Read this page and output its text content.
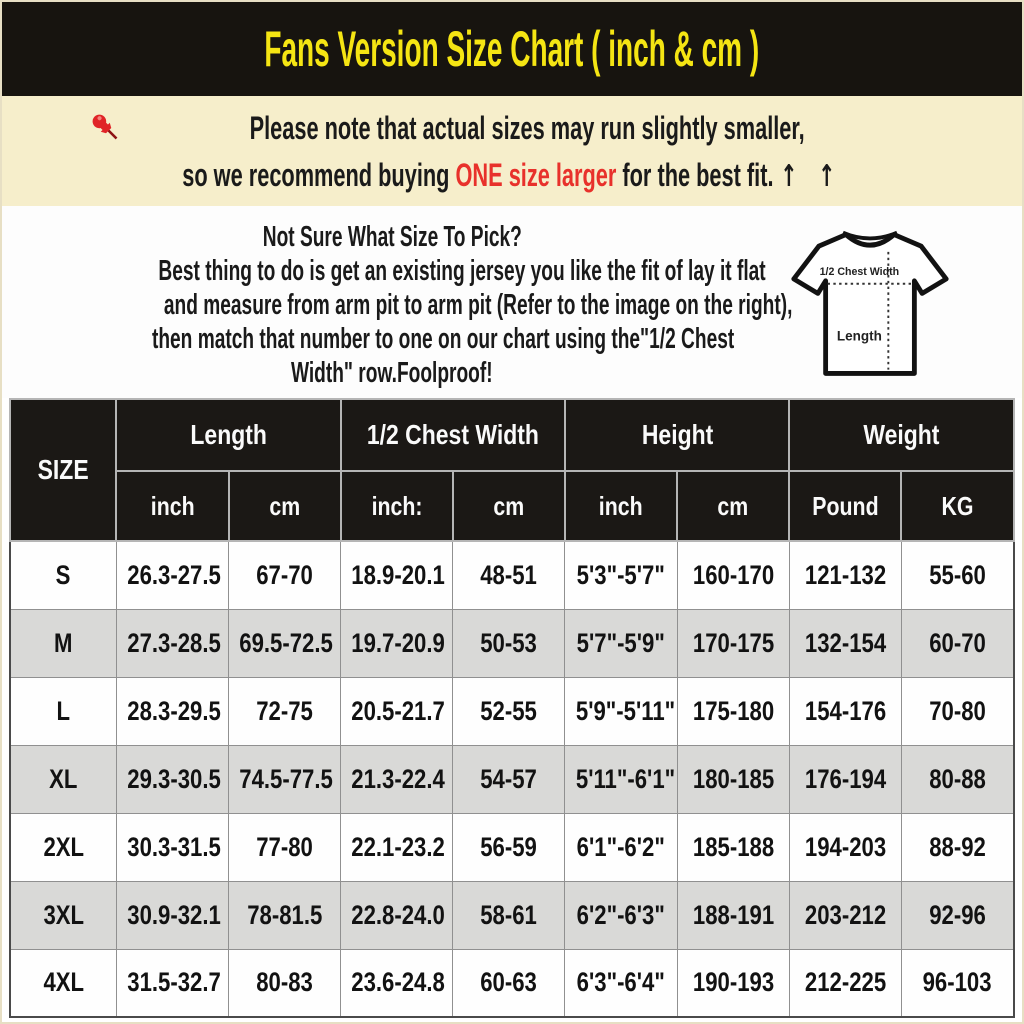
Fans Version Size Chart ( inch & cm )
Please note that actual sizes may run slightly smaller,
so we recommend buying ONE size larger for the best fit. ↑ ↑
Not Sure What Size To Pick?
Best thing to do is get an existing jersey you like the fit of lay it flat
and measure from arm pit to arm pit (Refer to the image on the right),
then match that number to one on our chart using the"1/2 Chest
Width" row.Foolproof!
1/2 Chest Width
Length
SIZE	Length		1/2 Chest Width		Height		Weight	
	inch	cm	inch:	cm	inch	cm	Pound	KG
S	26.3-27.5	67-70	18.9-20.1	48-51	5'3"-5'7"	160-170	121-132	55-60
M	27.3-28.5	69.5-72.5	19.7-20.9	50-53	5'7"-5'9"	170-175	132-154	60-70
L	28.3-29.5	72-75	20.5-21.7	52-55	5'9"-5'11"	175-180	154-176	70-80
XL	29.3-30.5	74.5-77.5	21.3-22.4	54-57	5'11"-6'1"	180-185	176-194	80-88
2XL	30.3-31.5	77-80	22.1-23.2	56-59	6'1"-6'2"	185-188	194-203	88-92
3XL	30.9-32.1	78-81.5	22.8-24.0	58-61	6'2"-6'3"	188-191	203-212	92-96
4XL	31.5-32.7	80-83	23.6-24.8	60-63	6'3"-6'4"	190-193	212-225	96-103
